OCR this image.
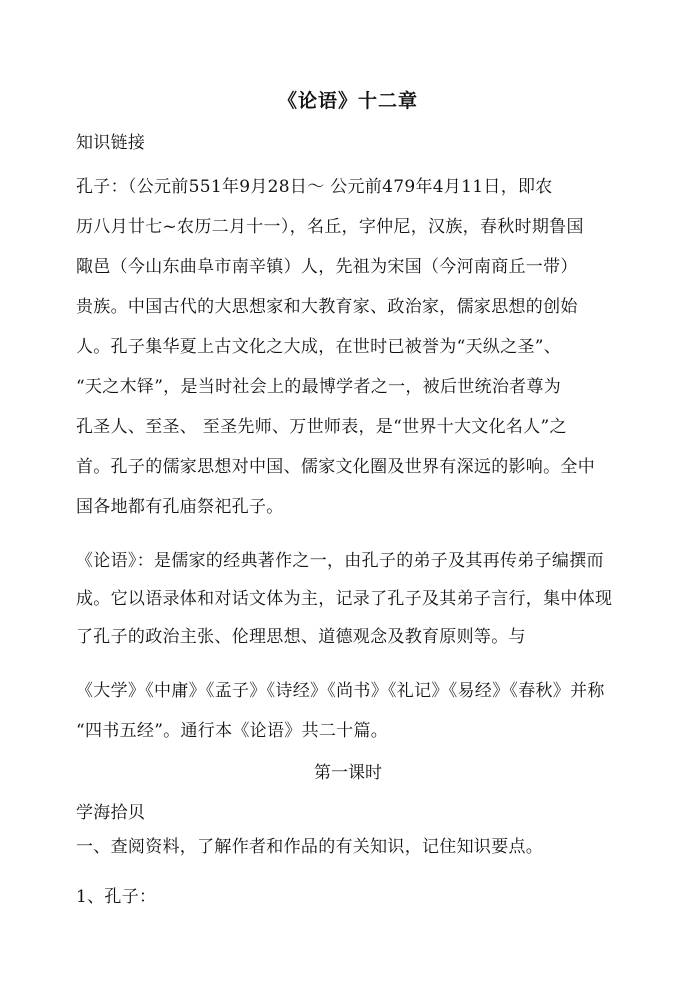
《论语》十二章
知识链接
孔子：（公元前551年9月28日～ 公元前479年4月11日，即农
历八月廿七~农历二月十一），名丘，字仲尼，汉族，春秋时期鲁国
陬邑（今山东曲阜市南辛镇）人，先祖为宋国（今河南商丘一带）
贵族。中国古代的大思想家和大教育家、政治家，儒家思想的创始
人。孔子集华夏上古文化之大成，在世时已被誉为“天纵之圣”、
“天之木铎”，是当时社会上的最博学者之一，被后世统治者尊为
孔圣人、至圣、 至圣先师、万世师表，是“世界十大文化名人”之
首。孔子的儒家思想对中国、儒家文化圈及世界有深远的影响。全中
国各地都有孔庙祭祀孔子。
《论语》：是儒家的经典著作之一，由孔子的弟子及其再传弟子编撰而
成。它以语录体和对话文体为主，记录了孔子及其弟子言行，集中体现
了孔子的政治主张、伦理思想、道德观念及教育原则等。与
《大学》《中庸》《孟子》《诗经》《尚书》《礼记》《易经》《春秋》并称
“四书五经”。通行本《论语》共二十篇。
第一课时
学海拾贝
一、查阅资料，了解作者和作品的有关知识，记住知识要点。
1、孔子：
